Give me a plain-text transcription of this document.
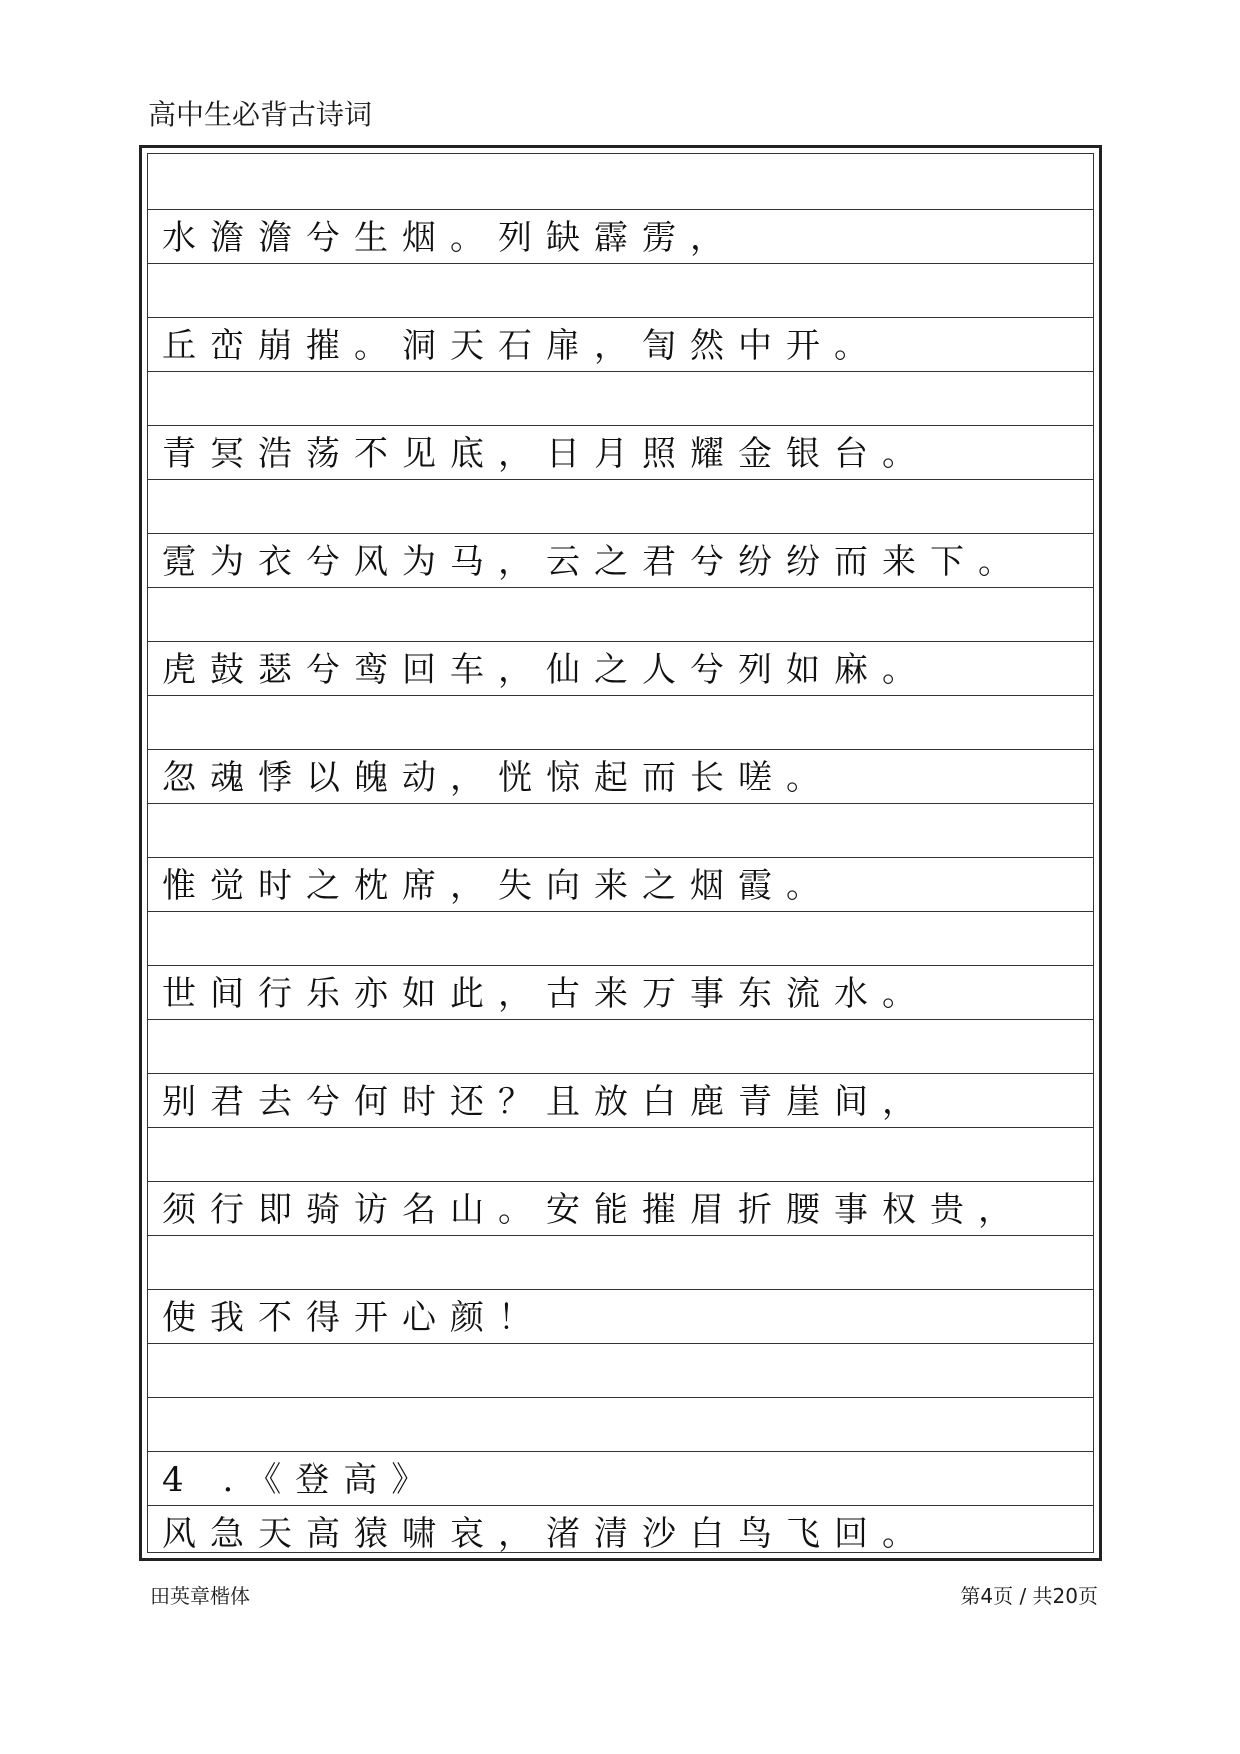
高中生必背古诗词
水澹澹兮生烟。列缺霹雳，
丘峦崩摧。洞天石扉，訇然中开。
青冥浩荡不见底，日月照耀金银台。
霓为衣兮风为马，云之君兮纷纷而来下。
虎鼓瑟兮鸾回车，仙之人兮列如麻。
忽魂悸以魄动，恍惊起而长嗟。
惟觉时之枕席，失向来之烟霞。
世间行乐亦如此，古来万事东流水。
别君去兮何时还？且放白鹿青崖间，
须行即骑访名山。安能摧眉折腰事权贵，
使我不得开心颜！
4 .《登高》
风急天高猿啸哀，渚清沙白鸟飞回。
田英章楷体	第4页 / 共20页
